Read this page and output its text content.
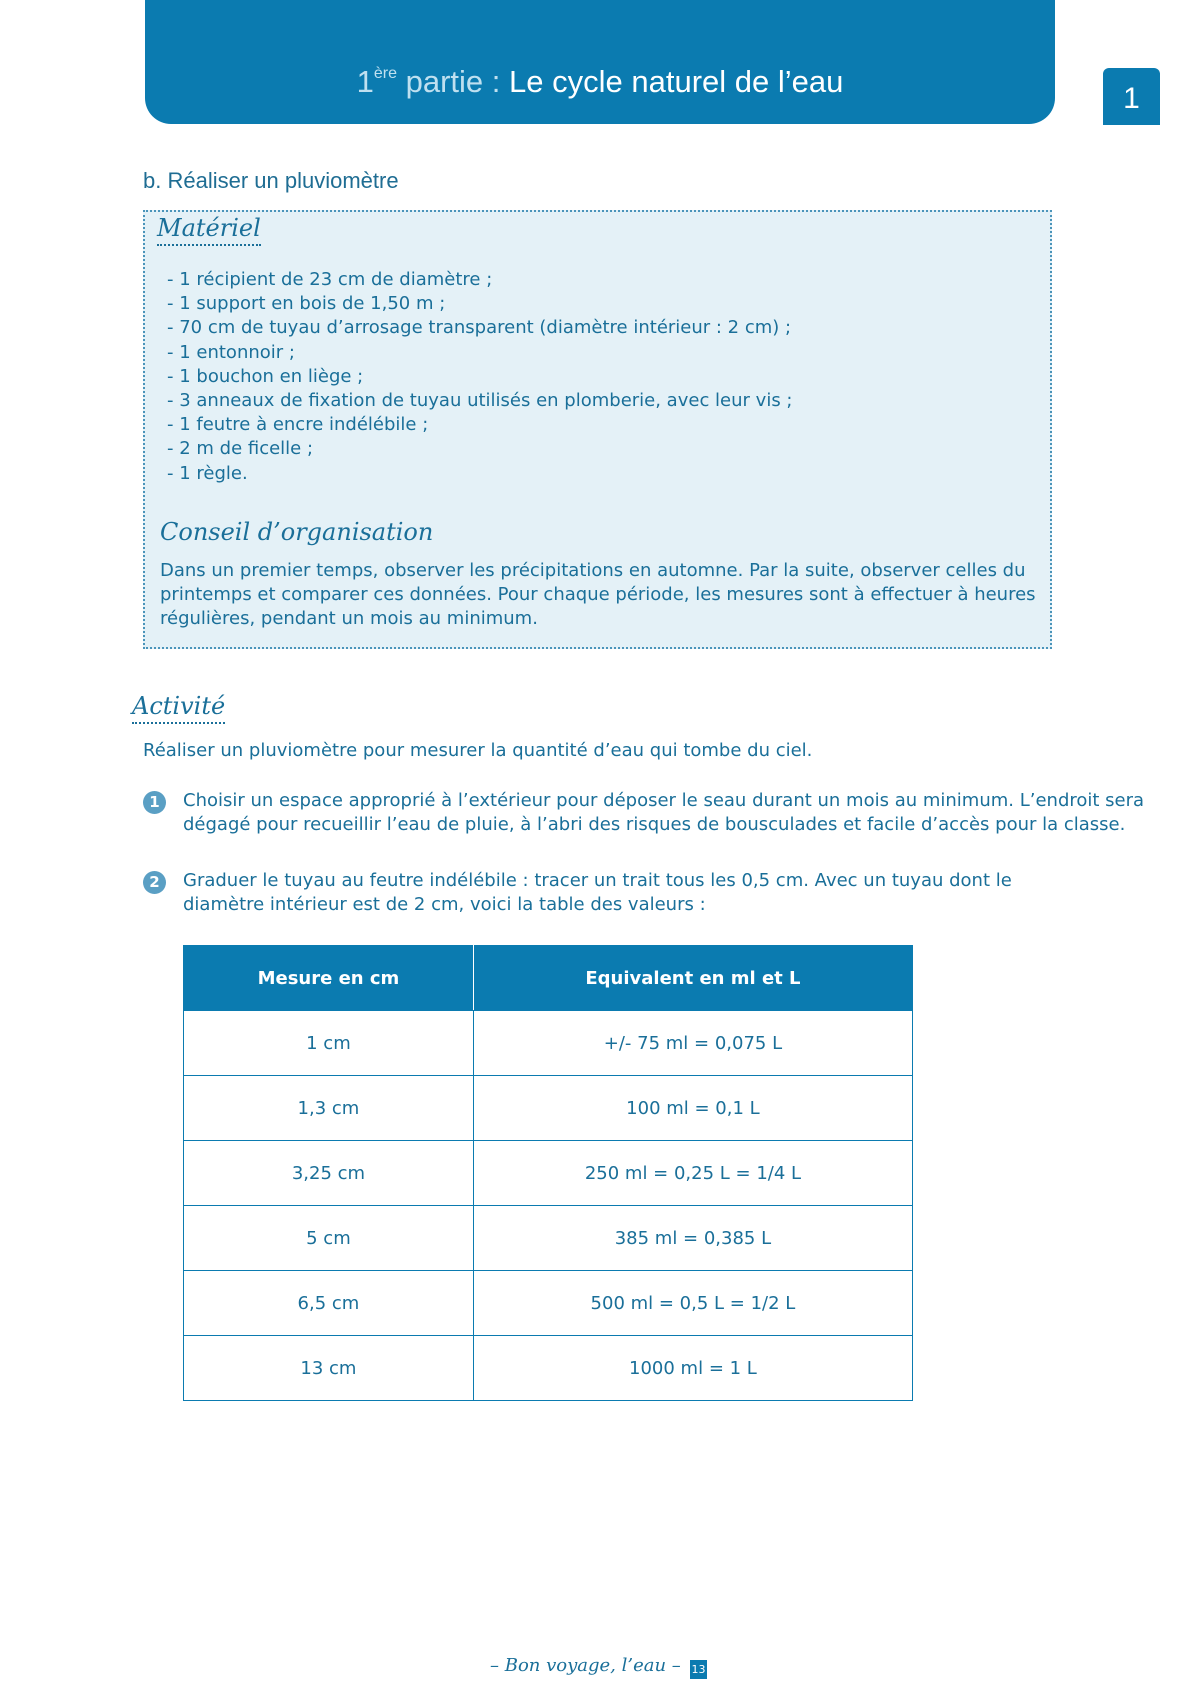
1ère partie : Le cycle naturel de l’eau	1
b. Réaliser un pluviomètre
Matériel
- 1 récipient de 23 cm de diamètre ;
- 1 support en bois de 1,50 m ;
- 70 cm de tuyau d’arrosage transparent (diamètre intérieur : 2 cm) ;
- 1 entonnoir ;
- 1 bouchon en liège ;
- 3 anneaux de fixation de tuyau utilisés en plomberie, avec leur vis ;
- 1 feutre à encre indélébile ;
- 2 m de ficelle ;
- 1 règle.
Conseil d’organisation

Dans un premier temps, observer les précipitations en automne. Par la suite, observer celles du printemps et comparer ces données. Pour chaque période, les mesures sont à effectuer à heures régulières, pendant un mois au minimum.

Activité

Réaliser un pluviomètre pour mesurer la quantité d’eau qui tombe du ciel.

1	Choisir un espace approprié à l’extérieur pour déposer le seau durant un mois au minimum. L’endroit sera dégagé pour recueillir l’eau de pluie, à l’abri des risques de bousculades et facile d’accès pour la classe.

2	Graduer le tuyau au feutre indélébile : tracer un trait tous les 0,5 cm. Avec un tuyau dont le diamètre intérieur est de 2 cm, voici la table des valeurs :

Mesure en cm	Equivalent en ml et L
1 cm	+/- 75 ml = 0,075 L
1,3 cm	100 ml = 0,1 L
3,25 cm	250 ml = 0,25 L = 1/4 L
5 cm	385 ml = 0,385 L
6,5 cm	500 ml = 0,5 L = 1/2 L
13 cm	1000 ml = 1 L
– Bon voyage, l’eau – 13
